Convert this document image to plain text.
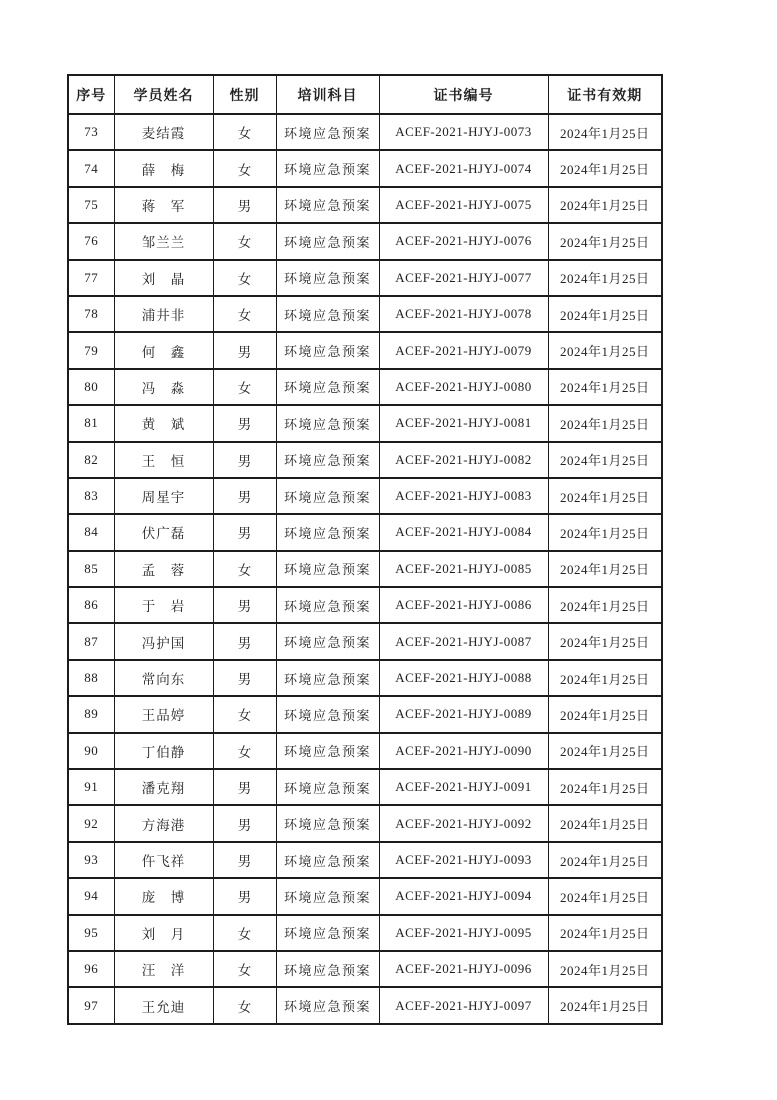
序号	学员姓名	性别	培训科目	证书编号	证书有效期
73	麦结霞	女	环境应急预案	ACEF-2021-HJYJ-0073	2024年1月25日
74	薛　梅	女	环境应急预案	ACEF-2021-HJYJ-0074	2024年1月25日
75	蒋　军	男	环境应急预案	ACEF-2021-HJYJ-0075	2024年1月25日
76	邹兰兰	女	环境应急预案	ACEF-2021-HJYJ-0076	2024年1月25日
77	刘　晶	女	环境应急预案	ACEF-2021-HJYJ-0077	2024年1月25日
78	浦井非	女	环境应急预案	ACEF-2021-HJYJ-0078	2024年1月25日
79	何　鑫	男	环境应急预案	ACEF-2021-HJYJ-0079	2024年1月25日
80	冯　淼	女	环境应急预案	ACEF-2021-HJYJ-0080	2024年1月25日
81	黄　斌	男	环境应急预案	ACEF-2021-HJYJ-0081	2024年1月25日
82	王　恒	男	环境应急预案	ACEF-2021-HJYJ-0082	2024年1月25日
83	周星宇	男	环境应急预案	ACEF-2021-HJYJ-0083	2024年1月25日
84	伏广磊	男	环境应急预案	ACEF-2021-HJYJ-0084	2024年1月25日
85	孟　蓉	女	环境应急预案	ACEF-2021-HJYJ-0085	2024年1月25日
86	于　岩	男	环境应急预案	ACEF-2021-HJYJ-0086	2024年1月25日
87	冯护国	男	环境应急预案	ACEF-2021-HJYJ-0087	2024年1月25日
88	常向东	男	环境应急预案	ACEF-2021-HJYJ-0088	2024年1月25日
89	王品婷	女	环境应急预案	ACEF-2021-HJYJ-0089	2024年1月25日
90	丁伯静	女	环境应急预案	ACEF-2021-HJYJ-0090	2024年1月25日
91	潘克翔	男	环境应急预案	ACEF-2021-HJYJ-0091	2024年1月25日
92	方海港	男	环境应急预案	ACEF-2021-HJYJ-0092	2024年1月25日
93	仵飞祥	男	环境应急预案	ACEF-2021-HJYJ-0093	2024年1月25日
94	庞　博	男	环境应急预案	ACEF-2021-HJYJ-0094	2024年1月25日
95	刘　月	女	环境应急预案	ACEF-2021-HJYJ-0095	2024年1月25日
96	汪　洋	女	环境应急预案	ACEF-2021-HJYJ-0096	2024年1月25日
97	王允迪	女	环境应急预案	ACEF-2021-HJYJ-0097	2024年1月25日
